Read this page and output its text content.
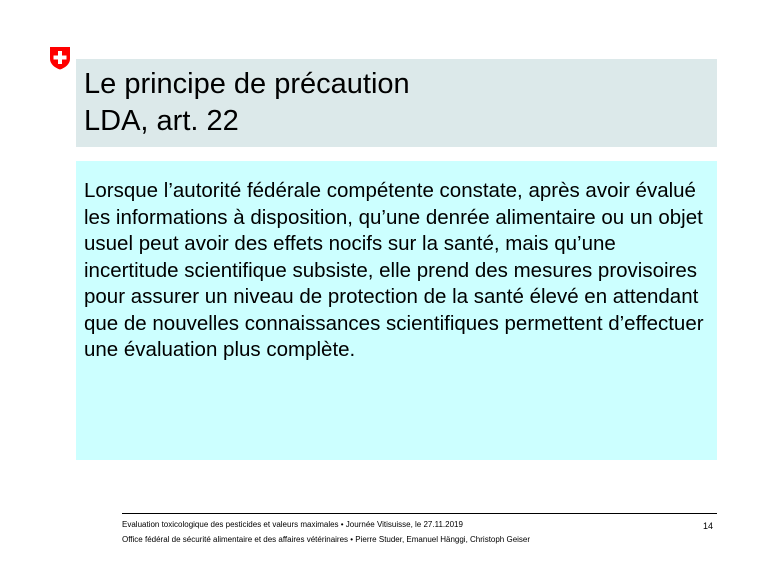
Le principe de précaution
LDA, art. 22

Lorsque l’autorité fédérale compétente constate, après avoir évalué les informations à disposition, qu’une denrée alimentaire ou un objet usuel peut avoir des effets nocifs sur la santé, mais qu’une incertitude scientifique subsiste, elle prend des mesures provisoires pour assurer un niveau de protection de la santé élevé en attendant que de nouvelles connaissances scientifiques permettent d’effectuer une évaluation plus complète.

Evaluation toxicologique des pesticides et valeurs maximales • Journée Vitisuisse, le 27.11.2019
Office fédéral de sécurité alimentaire et des affaires vétérinaires • Pierre Studer, Emanuel Hänggi, Christoph Geiser
14
